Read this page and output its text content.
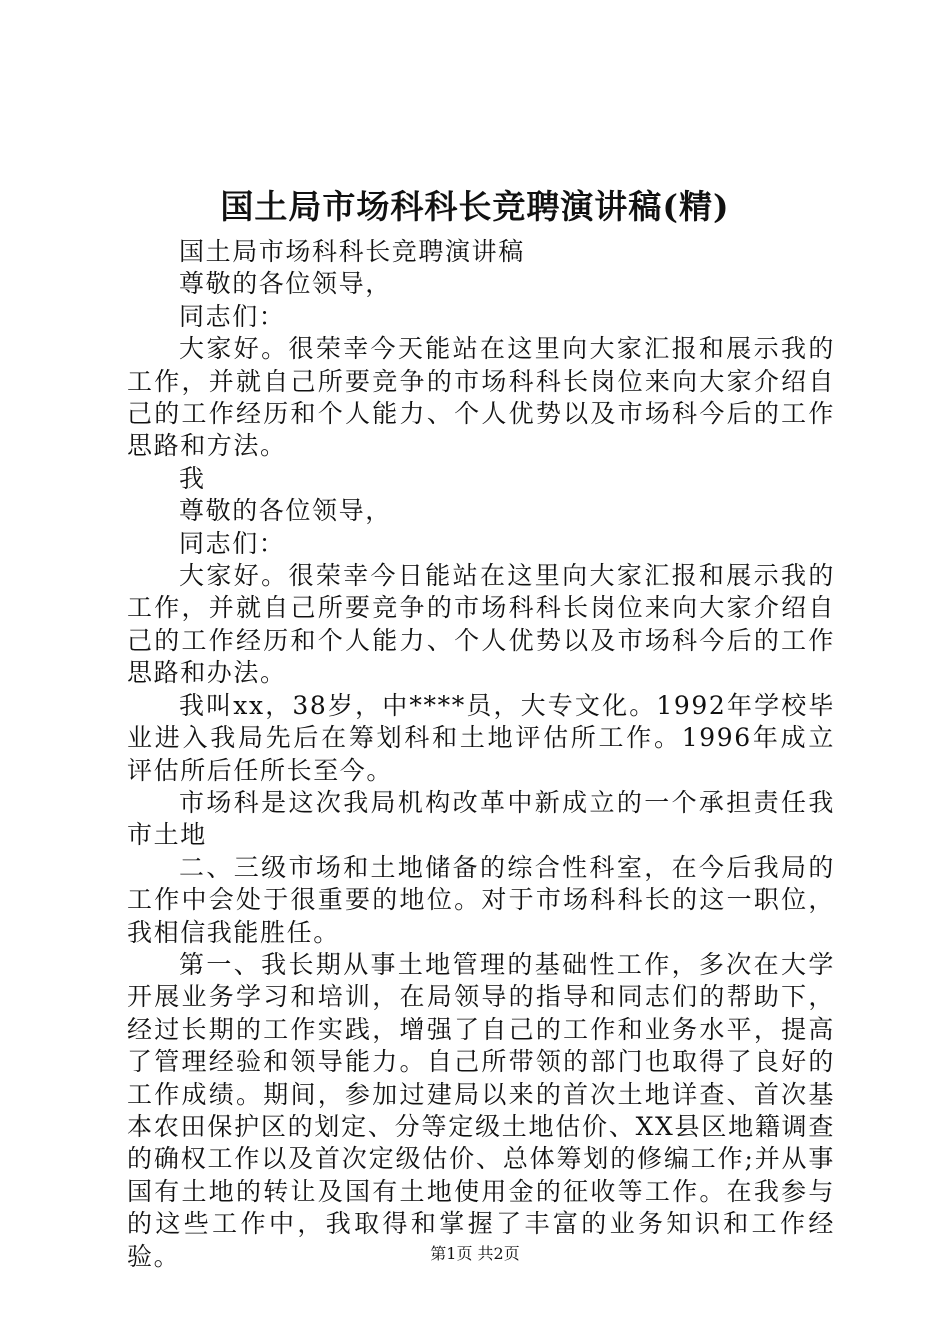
国土局市场科科长竞聘演讲稿(精)

国土局市场科科长竞聘演讲稿

尊敬的各位领导，

同志们：

大家好。很荣幸今天能站在这里向大家汇报和展示我的工作，并就自己所要竞争的市场科科长岗位来向大家介绍自己的工作经历和个人能力、个人优势以及市场科今后的工作思路和方法。

我

尊敬的各位领导，

同志们：

大家好。很荣幸今日能站在这里向大家汇报和展示我的工作，并就自己所要竞争的市场科科长岗位来向大家介绍自己的工作经历和个人能力、个人优势以及市场科今后的工作思路和办法。

我叫xx，38岁，中****员，大专文化。1992年学校毕业进入我局先后在筹划科和土地评估所工作。1996年成立评估所后任所长至今。

市场科是这次我局机构改革中新成立的一个承担责任我市土地

二、三级市场和土地储备的综合性科室，在今后我局的工作中会处于很重要的地位。对于市场科科长的这一职位，我相信我能胜任。

第一、我长期从事土地管理的基础性工作，多次在大学开展业务学习和培训，在局领导的指导和同志们的帮助下，经过长期的工作实践，增强了自己的工作和业务水平，提高了管理经验和领导能力。自己所带领的部门也取得了良好的工作成绩。期间，参加过建局以来的首次土地详查、首次基本农田保护区的划定、分等定级土地估价、XX县区地籍调查的确权工作以及首次定级估价、总体筹划的修编工作;并从事国有土地的转让及国有土地使用金的征收等工作。在我参与的这些工作中，我取得和掌握了丰富的业务知识和工作经验。	第1页 共2页
